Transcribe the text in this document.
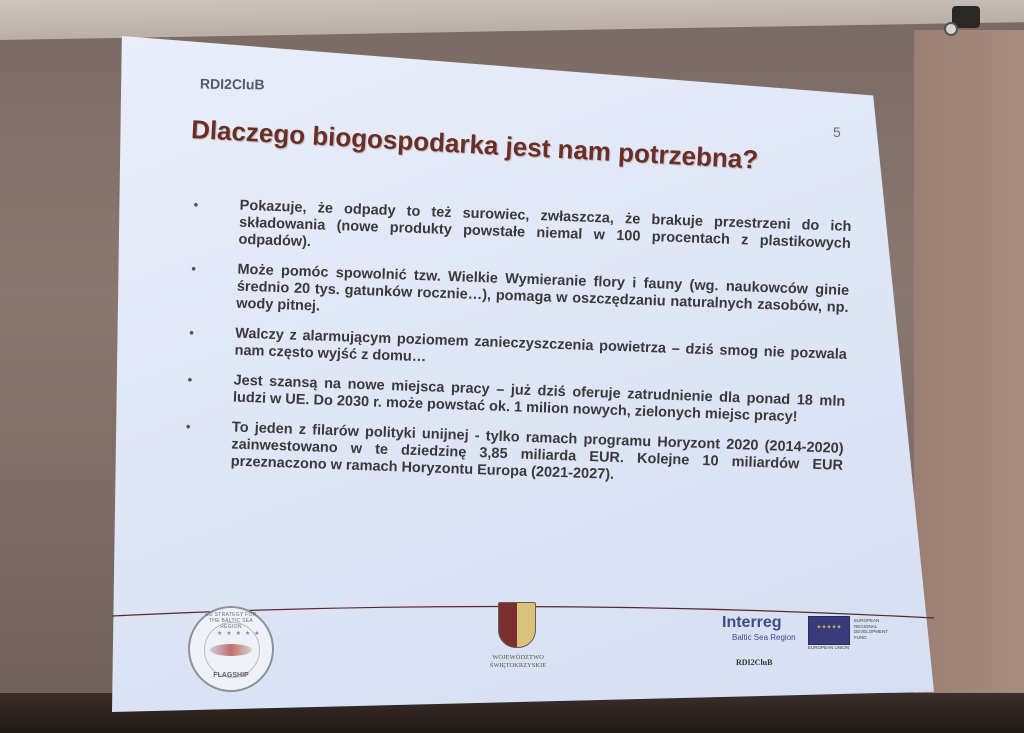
RDI2CluB
5
Dlaczego biogospodarka jest nam potrzebna?
•	Pokazuje, że odpady to też surowiec, zwłaszcza, że brakuje przestrzeni do ich składowania (nowe produkty powstałe niemal w 100 procentach z plastikowych odpadów).
•	Może pomóc spowolnić tzw. Wielkie Wymieranie flory i fauny (wg. naukowców ginie średnio 20 tys. gatunków rocznie…), pomaga w oszczędzaniu naturalnych zasobów, np. wody pitnej.
•	Walczy z alarmującym poziomem zanieczyszczenia powietrza – dziś smog nie pozwala nam często wyjść z domu…
•	Jest szansą na nowe miejsca pracy – już dziś oferuje zatrudnienie dla ponad 18 mln ludzi w UE. Do 2030 r. może powstać ok. 1 milion nowych, zielonych miejsc pracy!
•	To jeden z filarów polityki unijnej - tylko ramach programu Horyzont 2020 (2014-2020) zainwestowano w te dziedzinę 3,85 miliarda EUR. Kolejne 10 miliardów EUR przeznaczono w ramach Horyzontu Europa (2021-2027).
EU STRATEGY FOR THE BALTIC SEA REGION
★ ★ ★ ★ ★
FLAGSHIP
WOJEWÓDZTWO
ŚWIĘTOKRZYSKIE
Interreg
Baltic Sea Region
RDI2CluB
✦✦✦✦✦
EUROPEAN UNION
EUROPEAN REGIONAL DEVELOPMENT FUND
